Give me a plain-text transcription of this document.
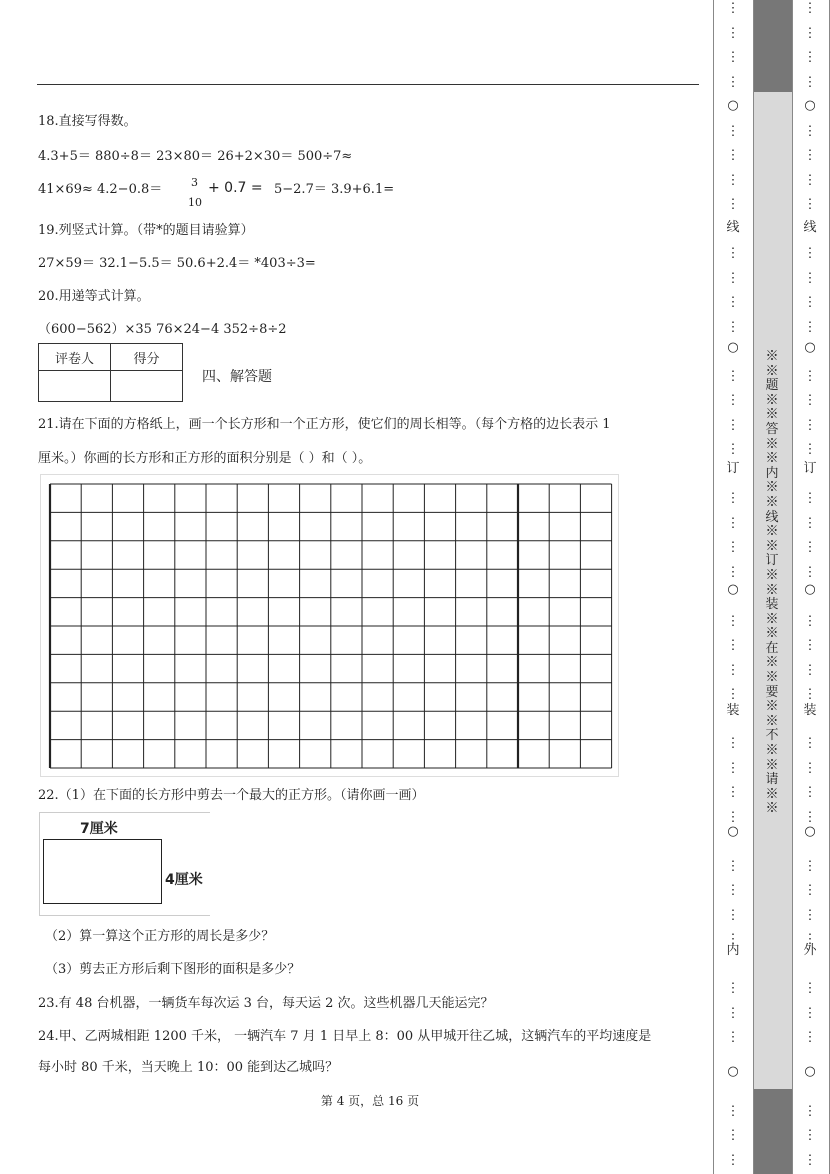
18.直接写得数。
4.3+5＝ 880÷8＝ 23×80＝ 26+2×30＝ 500÷7≈
41×69≈ 4.2−0.8＝	3
10
+ 0.7 = 5−2.7＝ 3.9+6.1=
19.列竖式计算。（带*的题目请验算）
27×59＝ 32.1−5.5＝ 50.6+2.4＝ *403÷3=
20.用递等式计算。
（600−562）×35 76×24−4 352÷8÷2
评卷人	得分

四、解答题
21.请在下面的方格纸上，画一个长方形和一个正方形，使它们的周长相等。（每个方格的边长表示 1
厘米。）你画的长方形和正方形的面积分别是（ ）和（ ）。
22.（1）在下面的长方形中剪去一个最大的正方形。（请你画一画）
7厘米
4厘米
（2）算一算这个正方形的周长是多少？
（3）剪去正方形后剩下图形的面积是多少？
23.有 48 台机器，一辆货车每次运 3 台，每天运 2 次。这些机器几天能运完？
24.甲、乙两城相距 1200 千米， 一辆汽车 7 月 1 日早上 8：00 从甲城开往乙城，这辆汽车的平均速度是
每小时 80 千米，当天晚上 10：00 能到达乙城吗？
第 4 页，总 16 页
※※题※※答※※内※※线※※订※※装※※在※※要※※不※※请※※
⋮
⋮
⋮
⋮
⋮
⋮
⋮
⋮
⋮
⋮
⋮
⋮
⋮
⋮
⋮
⋮
⋮
⋮
⋮
⋮
⋮
⋮
⋮
⋮
⋮
⋮
⋮
⋮
⋮
⋮
⋮
⋮
⋮
⋮
⋮
⋮
⋮
⋮
○
○
○
○
○
线
订
装
内
⋮
⋮
⋮
⋮
⋮
⋮
⋮
⋮
⋮
⋮
⋮
⋮
⋮
⋮
⋮
⋮
⋮
⋮
⋮
⋮
⋮
⋮
⋮
⋮
⋮
⋮
⋮
⋮
⋮
⋮
⋮
⋮
⋮
⋮
⋮
⋮
⋮
⋮
○
○
○
○
○
线
订
装
外
